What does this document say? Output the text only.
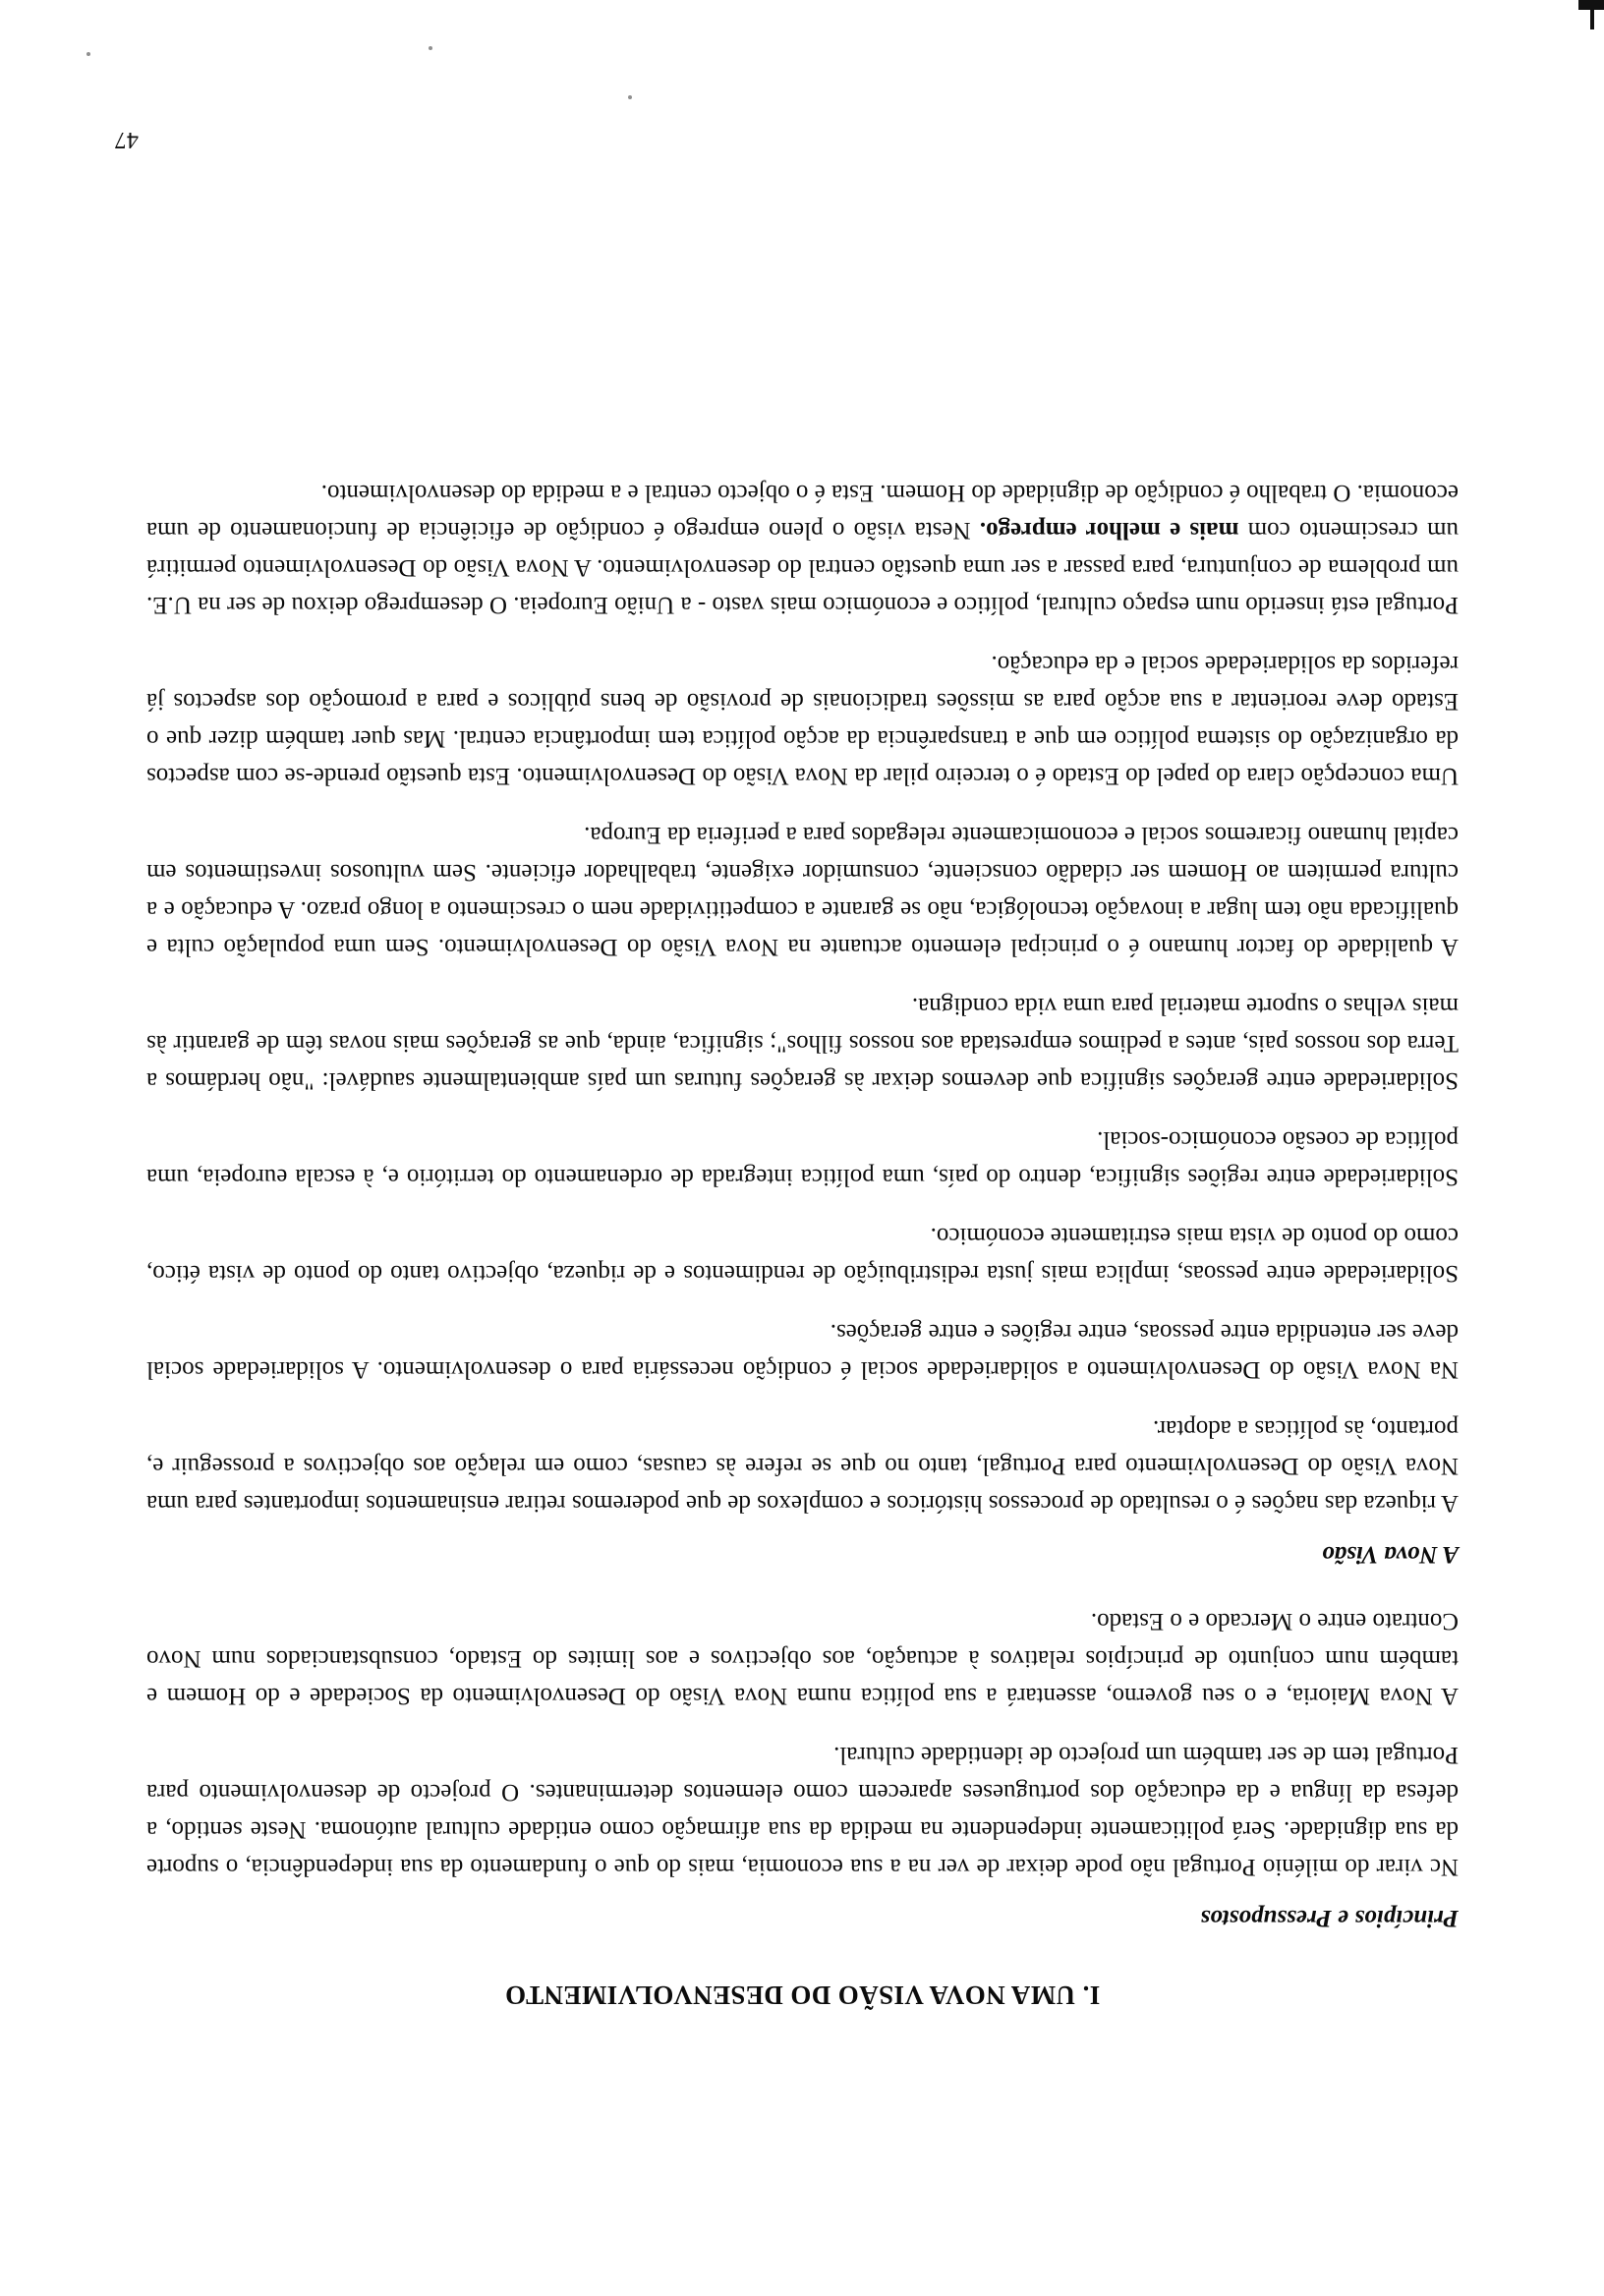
47
I. UMA NOVA VISÃO DO DESENVOLVIMENTO
Princípios e Pressupostos

Nc virar do milénio Portugal não pode deixar de ver na a sua economia, mais do que o fundamento da sua independência, o suporte da sua dignidade. Será politicamente independente na medida da sua afirmação como entidade cultural autónoma. Neste sentido, a defesa da língua e da educação dos portugueses aparecem como elementos determinantes. O projecto de desenvolvimento para Portugal tem de ser também um projecto de identidade cultural.

A Nova Maioria, e o seu governo, assentará a sua política numa Nova Visão do Desenvolvimento da Sociedade e do Homem e também num conjunto de princípios relativos à actuação, aos objectivos e aos limites do Estado, consubstanciados num Novo Contrato entre o Mercado e o Estado.

A Nova Visão

A riqueza das nações é o resultado de processos históricos e complexos de que poderemos retirar ensinamentos importantes para uma Nova Visão do Desenvolvimento para Portugal, tanto no que se refere às causas, como em relação aos objectivos a prosseguir e, portanto, às políticas a adoptar.

Na Nova Visão do Desenvolvimento a solidariedade social é condição necessária para o desenvolvimento. A solidariedade social deve ser entendida entre pessoas, entre regiões e entre gerações.

Solidariedade entre pessoas, implica mais justa redistribuição de rendimentos e de riqueza, objectivo tanto do ponto de vista ético, como do ponto de vista mais estritamente económico.

Solidariedade entre regiões significa, dentro do país, uma política integrada de ordenamento do território e, à escala europeia, uma política de coesão económico-social.

Solidariedade entre gerações significa que devemos deixar às gerações futuras um país ambientalmente saudável: "não herdámos a Terra dos nossos pais, antes a pedimos emprestada aos nossos filhos"; significa, ainda, que as gerações mais novas têm de garantir às mais velhas o suporte material para uma vida condigna.

A qualidade do factor humano é o principal elemento actuante na Nova Visão do Desenvolvimento. Sem uma população culta e qualificada não tem lugar a inovação tecnológica, não se garante a competitividade nem o crescimento a longo prazo. A educação e a cultura permitem ao Homem ser cidadão consciente, consumidor exigente, trabalhador eficiente. Sem vultuosos investimentos em capital humano ficaremos social e economicamente relegados para a periferia da Europa.

Uma concepção clara do papel do Estado é o terceiro pilar da Nova Visão do Desenvolvimento. Esta questão prende-se com aspectos da organização do sistema político em que a transparência da acção política tem importância central. Mas quer também dizer que o Estado deve reorientar a sua acção para as missões tradicionais de provisão de bens públicos e para a promoção dos aspectos já referidos da solidariedade social e da educação.

Portugal está inserido num espaço cultural, político e económico mais vasto - a União Europeia. O desemprego deixou de ser na U.E. um problema de conjuntura, para passar a ser uma questão central do desenvolvimento. A Nova Visão do Desenvolvimento permitirá um crescimento com mais e melhor emprego. Nesta visão o pleno emprego é condição de eficiência de funcionamento de uma economia. O trabalho é condição de dignidade do Homem. Esta é o objecto central e a medida do desenvolvimento.
